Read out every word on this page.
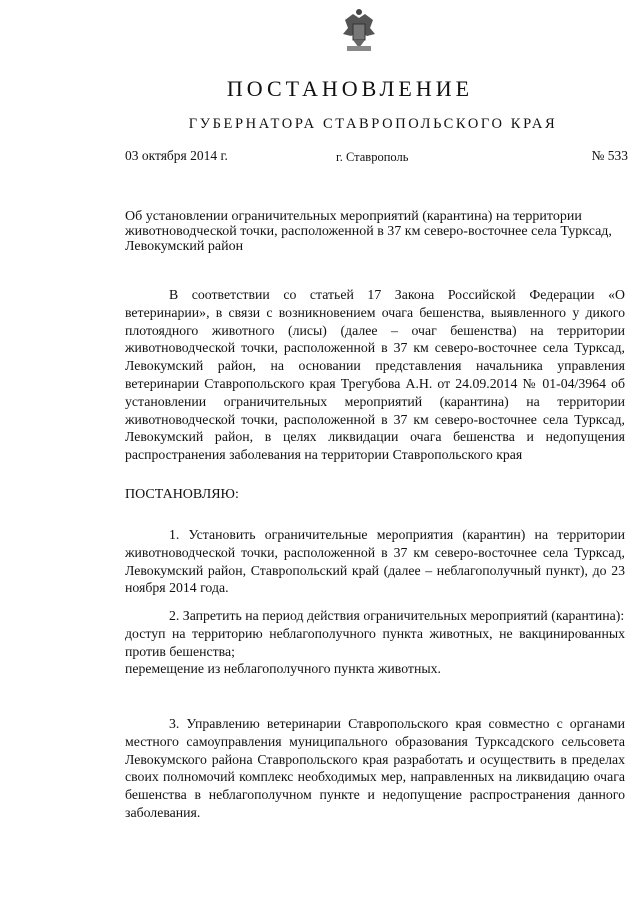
ПОСТАНОВЛЕНИЕ
ГУБЕРНАТОРА СТАВРОПОЛЬСКОГО КРАЯ
03 октября 2014 г.	г. Ставрополь	№ 533
Об установлении ограничительных мероприятий (карантина) на территории животноводческой точки, расположенной в 37 км северо-восточнее села Турксад, Левокумский район

В соответствии со статьей 17 Закона Российской Федерации «О ветеринарии», в связи с возникновением очага бешенства, выявленного у дикого плотоядного животного (лисы) (далее – очаг бешенства) на территории животноводческой точки, расположенной в 37 км северо-восточнее села Турксад, Левокумский район, на основании представления начальника управления ветеринарии Ставропольского края Трегубова А.Н. от 24.09.2014 № 01-04/3964 об установлении ограничительных мероприятий (карантина) на территории животноводческой точки, расположенной в 37 км северо-восточнее села Турксад, Левокумский район, в целях ликвидации очага бешенства и недопущения распространения заболевания на территории Ставропольского края

ПОСТАНОВЛЯЮ:

1. Установить ограничительные мероприятия (карантин) на территории животноводческой точки, расположенной в 37 км северо-восточнее села Турксад, Левокумский район, Ставропольский край (далее – неблагополучный пункт), до 23 ноября 2014 года.

2. Запретить на период действия ограничительных мероприятий (карантина):

доступ на территорию неблагополучного пункта животных, не вакцинированных против бешенства;

перемещение из неблагополучного пункта животных.

3. Управлению ветеринарии Ставропольского края совместно с органами местного самоуправления муниципального образования Турксадского сельсовета Левокумского района Ставропольского края разработать и осуществить в пределах своих полномочий комплекс необходимых мер, направленных на ликвидацию очага бешенства в неблагополучном пункте и недопущение распространения данного заболевания.
